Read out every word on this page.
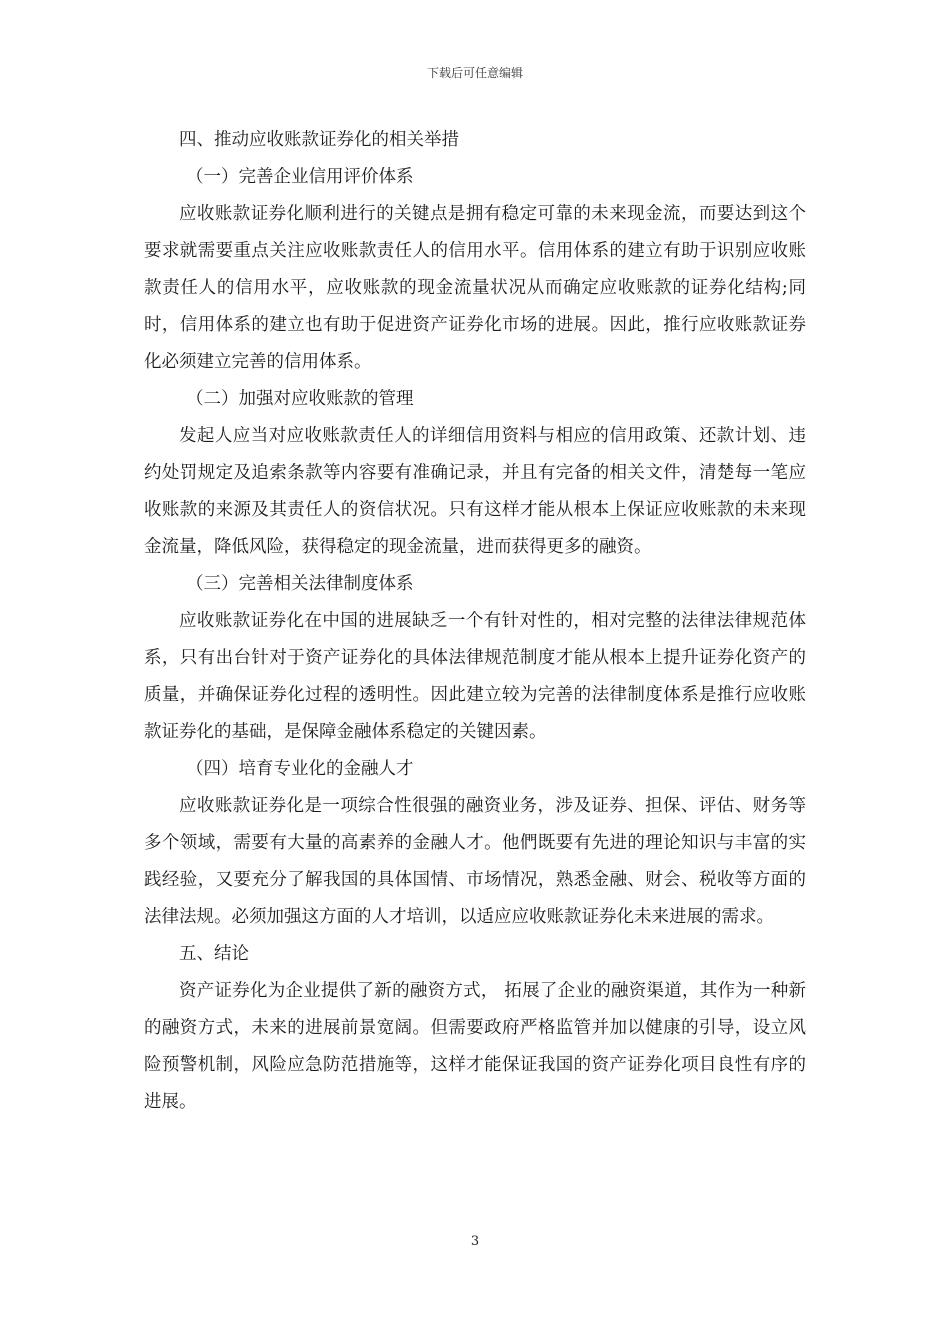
下载后可任意编辑

四、推动应收账款证券化的相关举措

（一）完善企业信用评价体系

应收账款证券化顺利进行的关键点是拥有稳定可靠的未来现金流，而要达到这个要求就需要重点关注应收账款责任人的信用水平。信用体系的建立有助于识别应收账款责任人的信用水平，应收账款的现金流量状况从而确定应收账款的证券化结构;同时，信用体系的建立也有助于促进资产证券化市场的进展。因此，推行应收账款证券化必须建立完善的信用体系。

（二）加强对应收账款的管理

发起人应当对应收账款责任人的详细信用资料与相应的信用政策、还款计划、违约处罚规定及追索条款等内容要有准确记录，并且有完备的相关文件，清楚每一笔应收账款的来源及其责任人的资信状况。只有这样才能从根本上保证应收账款的未来现金流量，降低风险，获得稳定的现金流量，进而获得更多的融资。

（三）完善相关法律制度体系

应收账款证券化在中国的进展缺乏一个有针对性的，相对完整的法律法律规范体系，只有出台针对于资产证券化的具体法律规范制度才能从根本上提升证券化资产的质量，并确保证券化过程的透明性。因此建立较为完善的法律制度体系是推行应收账款证券化的基础，是保障金融体系稳定的关键因素。

（四）培育专业化的金融人才

应收账款证券化是一项综合性很强的融资业务，涉及证券、担保、评估、财务等多个领域，需要有大量的高素养的金融人才。他們既要有先进的理论知识与丰富的实践经验，又要充分了解我国的具体国情、市场情况，熟悉金融、财会、税收等方面的法律法规。必须加强这方面的人才培训，以适应应收账款证券化未来进展的需求。

五、结论

资产证券化为企业提供了新的融资方式， 拓展了企业的融资渠道，其作为一种新的融资方式，未来的进展前景宽阔。但需要政府严格监管并加以健康的引导，设立风险预警机制，风险应急防范措施等，这样才能保证我国的资产证券化项目良性有序的进展。

3
